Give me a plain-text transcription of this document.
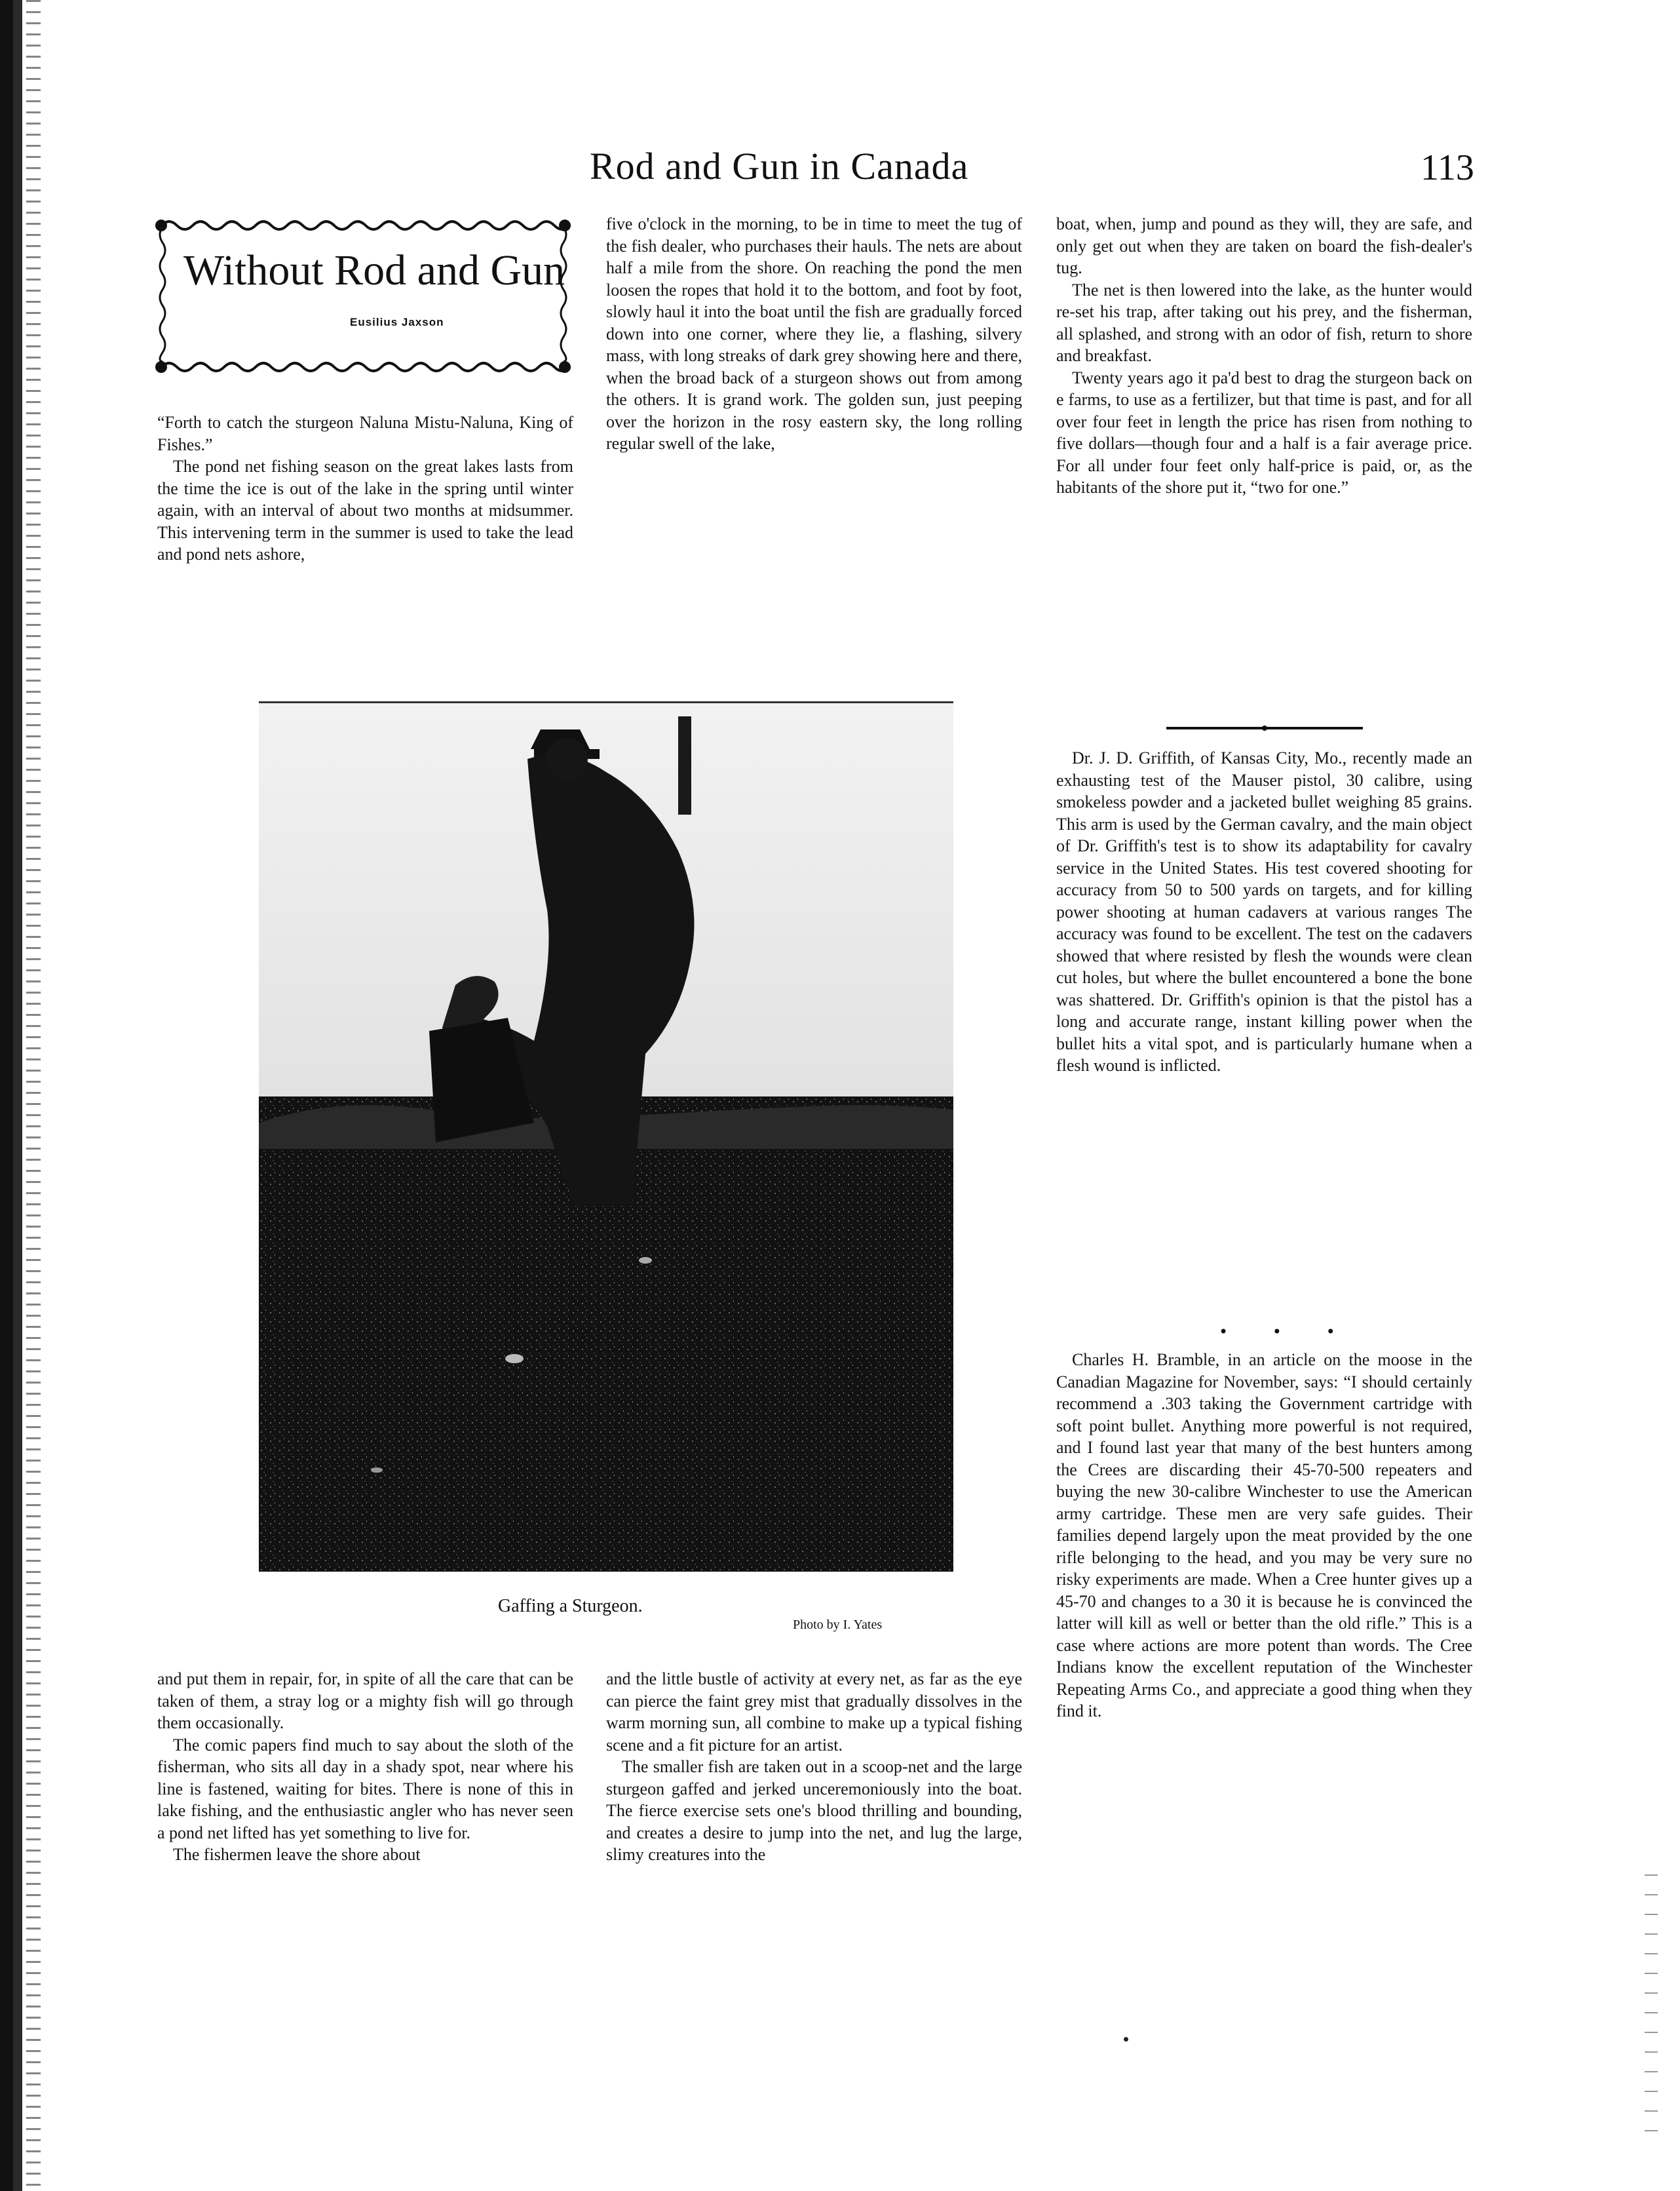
Rod and Gun in Canada	113
Without Rod and Gun
Eusilius Jaxson

“Forth to catch the sturgeon Naluna Mistu-Naluna, King of Fishes.”

The pond net fishing season on the great lakes lasts from the time the ice is out of the lake in the spring until winter again, with an interval of about two months at midsummer. This intervening term in the summer is used to take the lead and pond nets ashore,

five o'clock in the morning, to be in time to meet the tug of the fish dealer, who purchases their hauls. The nets are about half a mile from the shore. On reaching the pond the men loosen the ropes that hold it to the bottom, and foot by foot, slowly haul it into the boat until the fish are gradually forced down into one corner, where they lie, a flashing, silvery mass, with long streaks of dark grey showing here and there, when the broad back of a sturgeon shows out from among the others. It is grand work. The golden sun, just peeping over the horizon in the rosy eastern sky, the long rolling regular swell of the lake,

boat, when, jump and pound as they will, they are safe, and only get out when they are taken on board the fish-dealer's tug.

The net is then lowered into the lake, as the hunter would re-set his trap, after taking out his prey, and the fisherman, all splashed, and strong with an odor of fish, return to shore and breakfast.

Twenty years ago it pa'd best to drag the sturgeon back on e farms, to use as a fertilizer, but that time is past, and for all over four feet in length the price has risen from nothing to five dollars—though four and a half is a fair average price. For all under four feet only half-price is paid, or, as the habitants of the shore put it, “two for one.”

Gaffing a Sturgeon.
Photo by I. Yates

Dr. J. D. Griffith, of Kansas City, Mo., recently made an exhausting test of the Mauser pistol, 30 calibre, using smokeless powder and a jacketed bullet weighing 85 grains. This arm is used by the German cavalry, and the main object of Dr. Griffith's test is to show its adaptability for cavalry service in the United States. His test covered shooting for accuracy from 50 to 500 yards on targets, and for killing power shooting at human cadavers at various ranges The accuracy was found to be excellent. The test on the cadavers showed that where resisted by flesh the wounds were clean cut holes, but where the bullet encountered a bone the bone was shattered. Dr. Griffith's opinion is that the pistol has a long and accurate range, instant killing power when the bullet hits a vital spot, and is particularly humane when a flesh wound is inflicted.

• • •

Charles H. Bramble, in an article on the moose in the Canadian Magazine for November, says: “I should certainly recommend a .303 taking the Government cartridge with soft point bullet. Anything more powerful is not required, and I found last year that many of the best hunters among the Crees are discarding their 45-70-500 repeaters and buying the new 30-calibre Winchester to use the American army cartridge. These men are very safe guides. Their families depend largely upon the meat provided by the one rifle belonging to the head, and you may be very sure no risky experiments are made. When a Cree hunter gives up a 45-70 and changes to a 30 it is because he is convinced the latter will kill as well or better than the old rifle.” This is a case where actions are more potent than words. The Cree Indians know the excellent reputation of the Winchester Repeating Arms Co., and appreciate a good thing when they find it.

and put them in repair, for, in spite of all the care that can be taken of them, a stray log or a mighty fish will go through them occasionally.

The comic papers find much to say about the sloth of the fisherman, who sits all day in a shady spot, near where his line is fastened, waiting for bites. There is none of this in lake fishing, and the enthusiastic angler who has never seen a pond net lifted has yet something to live for.

The fishermen leave the shore about

and the little bustle of activity at every net, as far as the eye can pierce the faint grey mist that gradually dissolves in the warm morning sun, all combine to make up a typical fishing scene and a fit picture for an artist.

The smaller fish are taken out in a scoop-net and the large sturgeon gaffed and jerked unceremoniously into the boat. The fierce exercise sets one's blood thrilling and bounding, and creates a desire to jump into the net, and lug the large, slimy creatures into the
